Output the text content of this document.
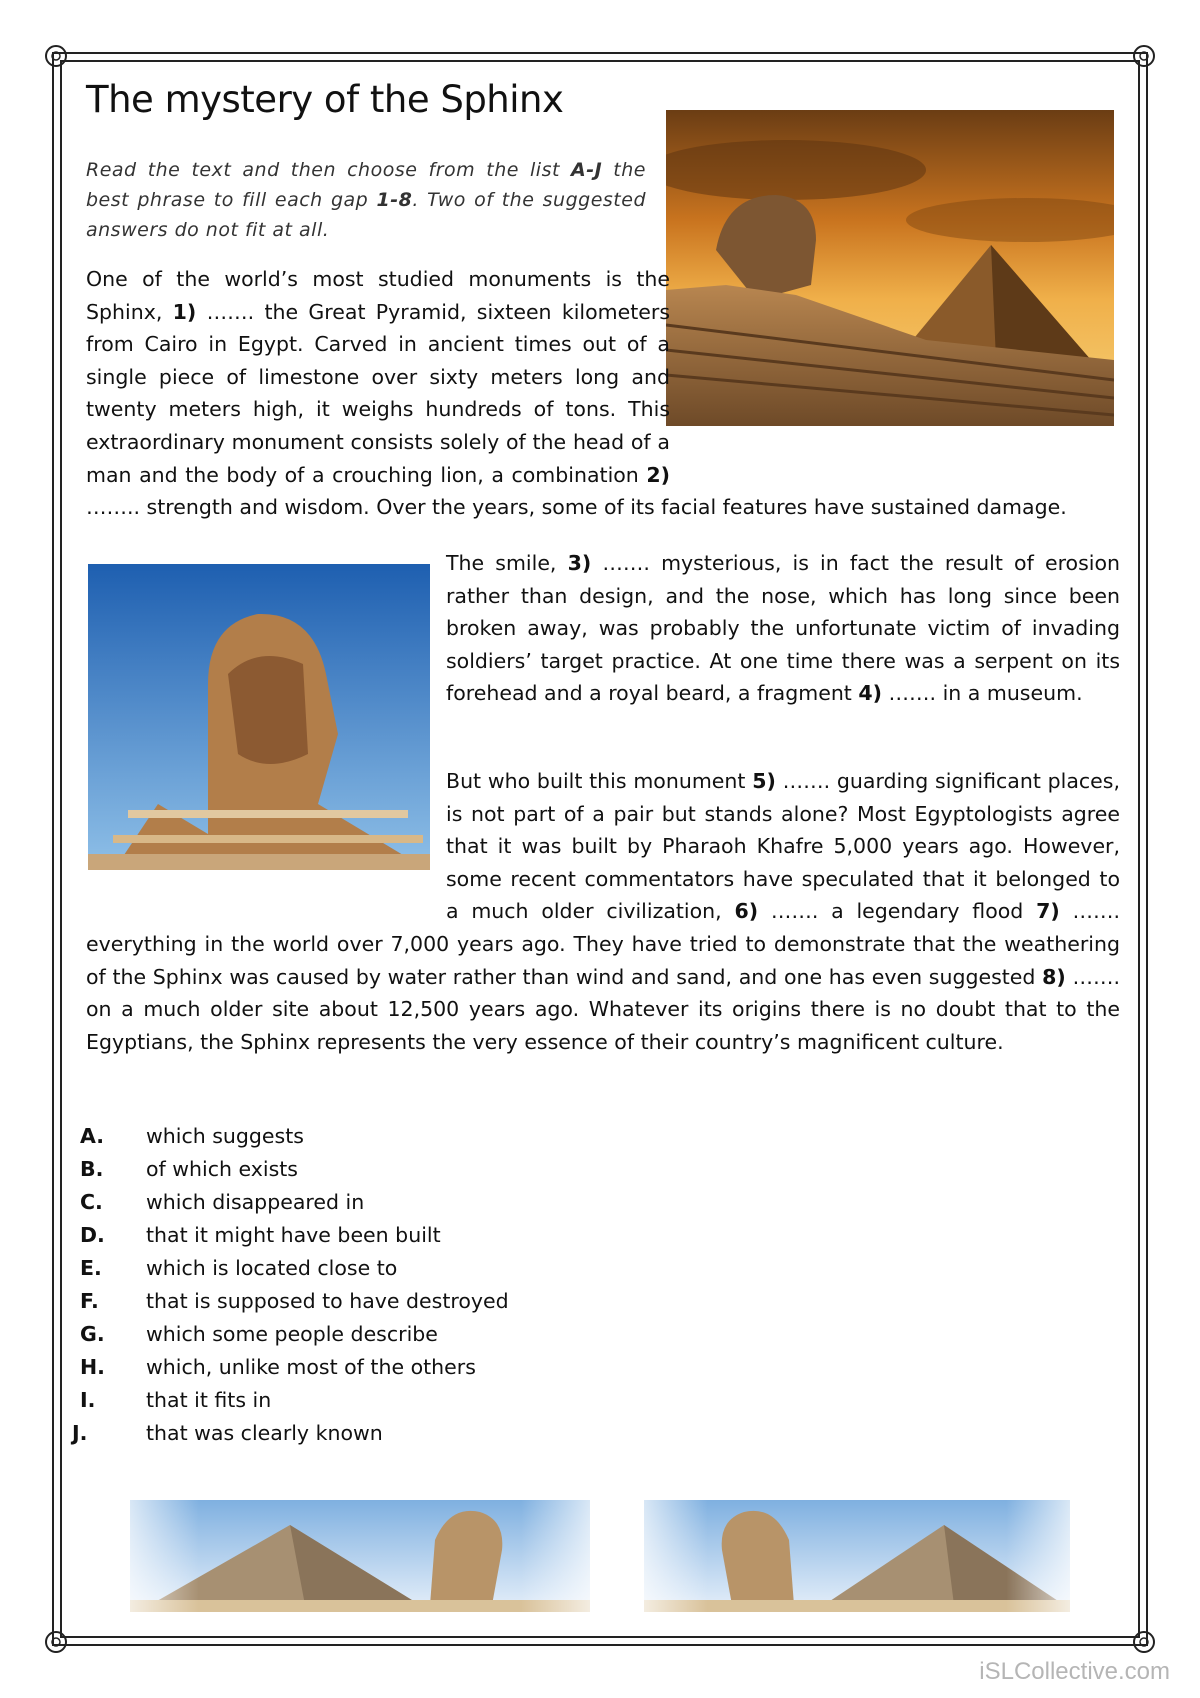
The mystery of the Sphinx
Read the text and then choose from the list A-J the best phrase to fill each gap 1-8. Two of the suggested answers do not fit at all.

One of the world’s most studied monuments is the Sphinx, 1) ……. the Great Pyramid, sixteen kilometers from Cairo in Egypt. Carved in ancient times out of a single piece of limestone over sixty meters long and twenty meters high, it weighs hundreds of tons. This extraordinary monument consists solely of the head of a man and the body of a crouching lion, a combination 2) …….. strength and wisdom. Over the years, some of its facial features have sustained damage.

The smile, 3) ……. mysterious, is in fact the result of erosion rather than design, and the nose, which has long since been broken away, was probably the unfortunate victim of invading soldiers’ target practice. At one time there was a serpent on its forehead and a royal beard, a fragment 4) ……. in a museum.

But who built this monument 5) ……. guarding significant places, is not part of a pair but stands alone? Most Egyptologists agree that it was built by Pharaoh Khafre 5,000 years ago. However, some recent commentators have speculated that it belonged to a much older civilization, 6) ……. a legendary flood 7) ……. everything in the world over 7,000 years ago. They have tried to demonstrate that the weathering of the Sphinx was caused by water rather than wind and sand, and one has even suggested 8) ……. on a much older site about 12,500 years ago. Whatever its origins there is no doubt that to the Egyptians, the Sphinx represents the very essence of their country’s magnificent culture.

A.	which suggests
B.	of which exists
C.	which disappeared in
D.	that it might have been built
E.	which is located close to
F.	that is supposed to have destroyed
G.	which some people describe
H.	which, unlike most of the others
I.	that it fits in
J.	that was clearly known
iSLCollective.com
